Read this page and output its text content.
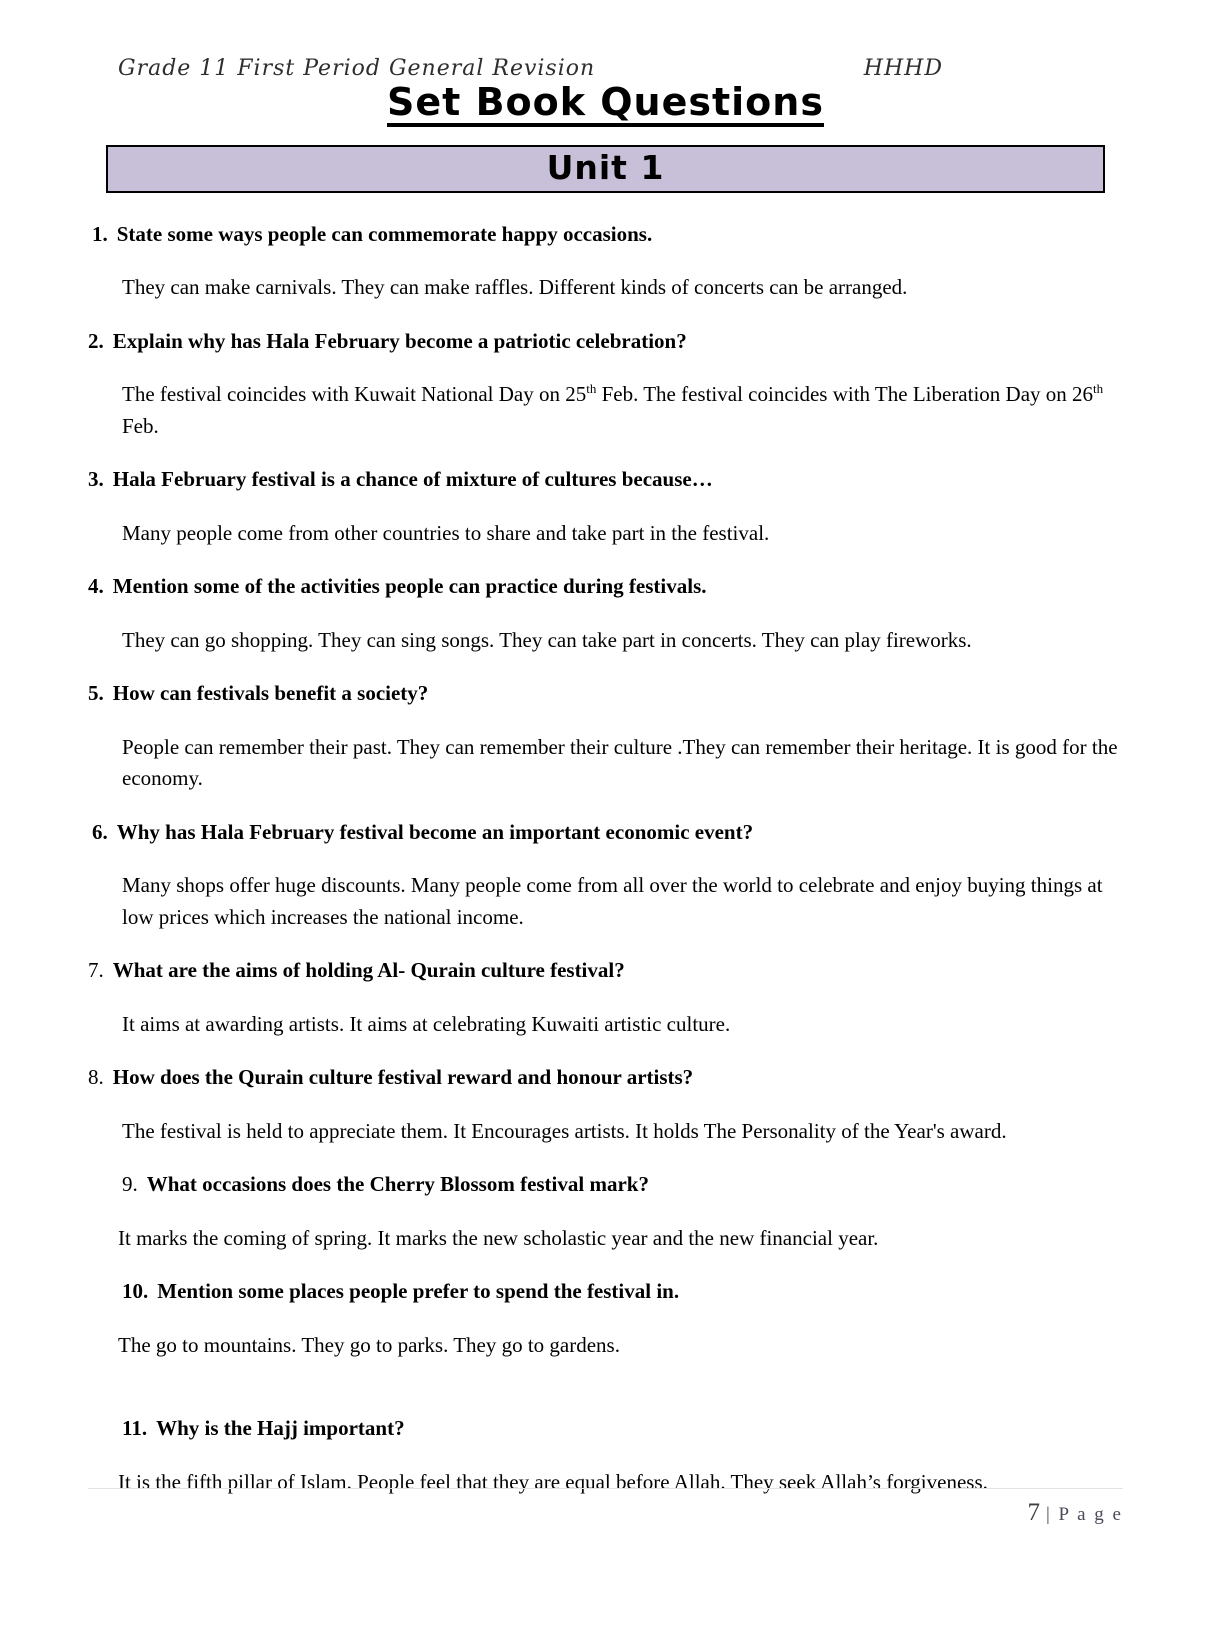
Grade 11 First Period General Revision	HHHD
Set Book Questions
Unit 1

1. State some ways people can commemorate happy occasions.

They can make carnivals. They can make raffles. Different kinds of concerts can be arranged.

2. Explain why has Hala February become a patriotic celebration?

The festival coincides with Kuwait National Day on 25th Feb. The festival coincides with The Liberation Day on 26th Feb.

3. Hala February festival is a chance of mixture of cultures because…

Many people come from other countries to share and take part in the festival.

4. Mention some of the activities people can practice during festivals.

They can go shopping. They can sing songs. They can take part in concerts. They can play fireworks.

5. How can festivals benefit a society?

People can remember their past. They can remember their culture .They can remember their heritage. It is good for the economy.

6. Why has Hala February festival become an important economic event?

Many shops offer huge discounts. Many people come from all over the world to celebrate and enjoy buying things at low prices which increases the national income.

7. What are the aims of holding Al- Qurain culture festival?

It aims at awarding artists. It aims at celebrating Kuwaiti artistic culture.

8. How does the Qurain culture festival reward and honour artists?

The festival is held to appreciate them. It Encourages artists. It holds The Personality of the Year's award.

9. What occasions does the Cherry Blossom festival mark?

It marks the coming of spring. It marks the new scholastic year and the new financial year.

10. Mention some places people prefer to spend the festival in.

The go to mountains. They go to parks. They go to gardens.

11. Why is the Hajj important?

It is the fifth pillar of Islam. People feel that they are equal before Allah. They seek Allah’s forgiveness.

7 | P a g e
